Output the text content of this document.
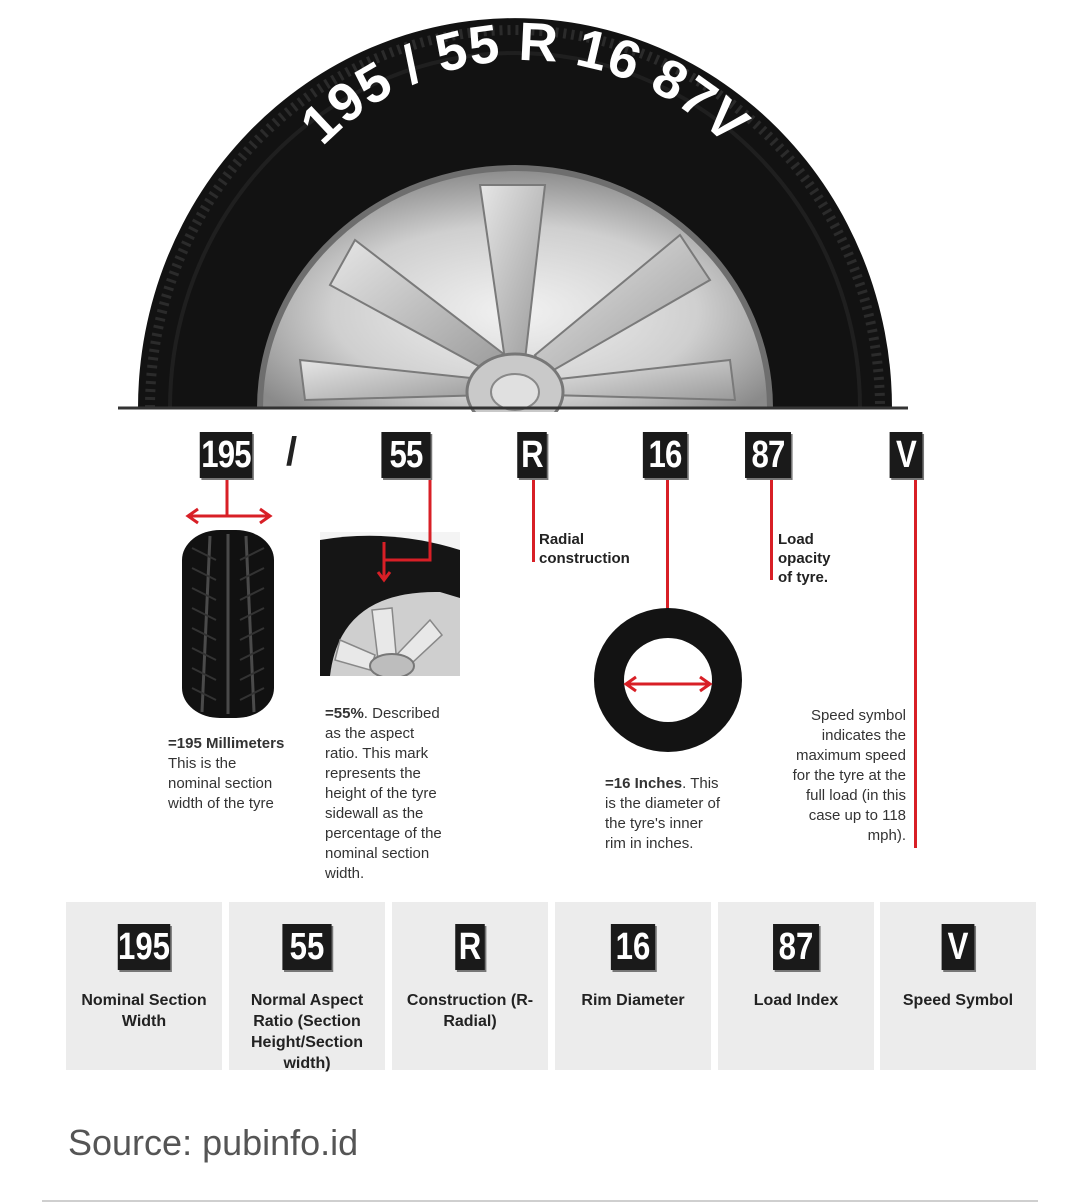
195 / 55 R 16 87V
195 / 55	R	16 87	V
Radial
construction
Load
opacity
of tyre.
=195 Millimeters
This is the
nominal section
width of the tyre
=55%. Described
as the aspect
ratio. This mark
represents the
height of the tyre
sidewall as the
percentage of the
nominal section
width.
=16 Inches. This
is the diameter of
the tyre's inner
rim in inches.
Speed symbol
indicates the
maximum speed
for the tyre at the
full load (in this
case up to 118
mph).
195
Nominal Section Width
55
Normal Aspect Ratio (Section Height/Section width)
R
Construction (R-Radial)
16
Rim Diameter
87
Load Index
V
Speed Symbol
Source: pubinfo.id
